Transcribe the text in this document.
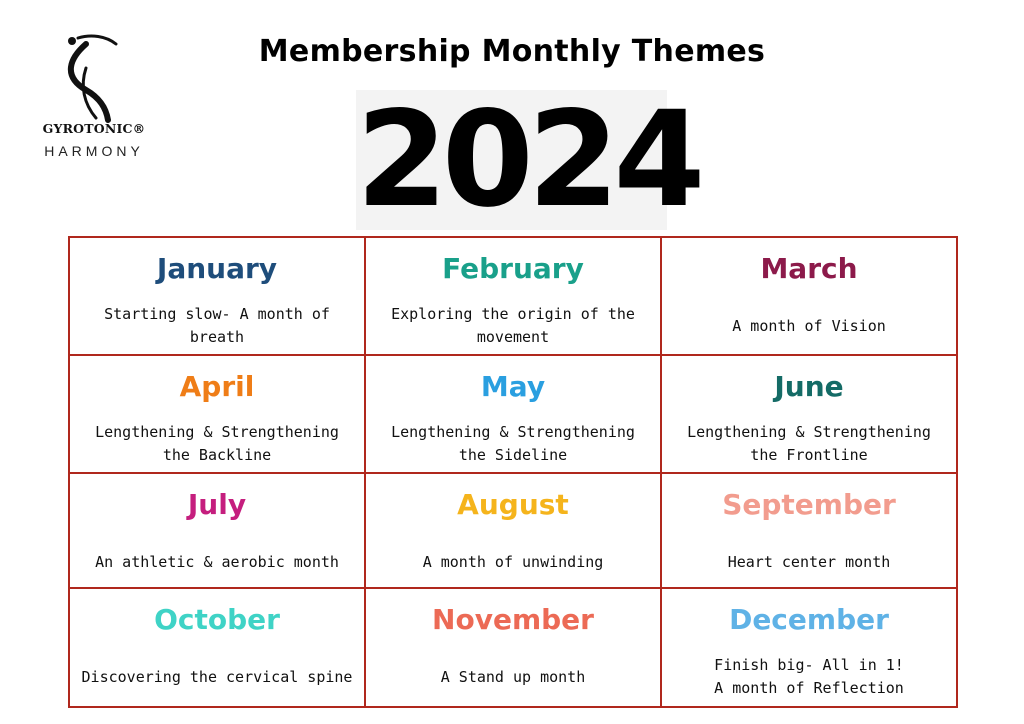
GYROTONIC®
HARMONY
Membership Monthly Themes
2024
January
Starting slow- A month of breath
February
Exploring the origin of the
movement
March
A month of Vision
April
Lengthening & Strengthening
the Backline
May
Lengthening & Strengthening
the Sideline
June
Lengthening & Strengthening
the Frontline
July
An athletic & aerobic month
August
A month of unwinding
September
Heart center month
October
Discovering the cervical spine
November
A Stand up month
December
Finish big- All in 1!
A month of Reflection
